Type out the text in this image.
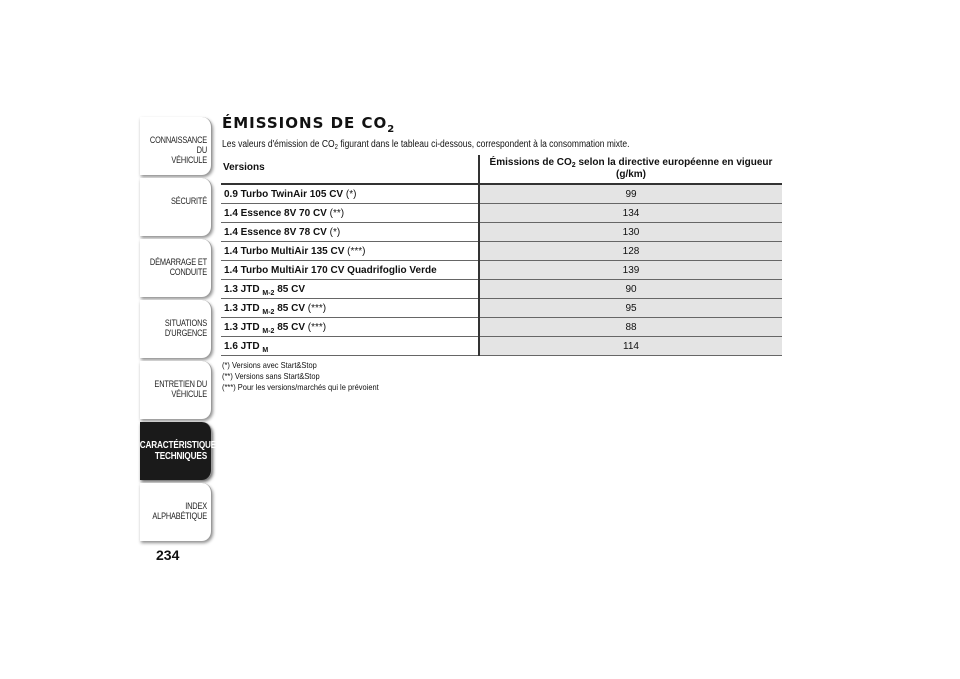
CONNAISSANCE DU
VÉHICULE
SÉCURITÉ
DÉMARRAGE ET
CONDUITE
SITUATIONS
D'URGENCE
ENTRETIEN DU
VÉHICULE
CARACTÉRISTIQUES
TECHNIQUES
INDEX
ALPHABÉTIQUE
234
ÉMISSIONS DE $CO_2$
Les valeurs d'émission de $CO_2$ figurant dans le tableau ci-dessous, correspondent à la consommation mixte.
Versions	Émissions de $CO_2$ selon la directive européenne en vigueur
(g/km)
0.9 Turbo TwinAir 105 CV (*)	99
1.4 Essence 8V 70 CV (**)	134
1.4 Essence 8V 78 CV (*)	130
1.4 Turbo MultiAir 135 CV (***)	128
1.4 Turbo MultiAir 170 CV Quadrifoglio Verde	139
1.3 JTD $_{M-2}$ 85 CV	90
1.3 JTD $_{M-2}$ 85 CV (***)	95
1.3 JTD $_{M-2}$ 85 CV (***)	88
1.6 JTD $_M$	114
(*) Versions avec Start&Stop
(**) Versions sans Start&Stop
(***) Pour les versions/marchés qui le prévoient
